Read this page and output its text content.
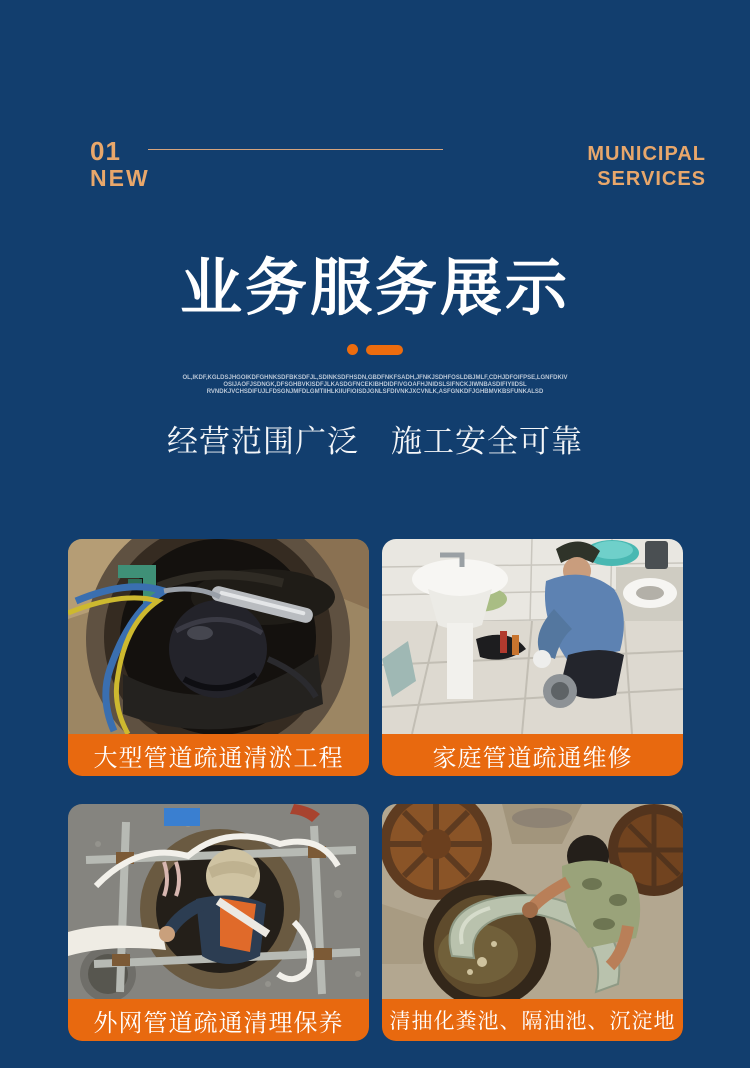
01
NEW
MUNICIPAL
SERVICES
业务服务展示
OL,IKDF,KGLDSJHGOIKDFGHNKSDFBKSDFJL,SDINKSDFHSDN,GBDFNKFSADH,JFNKJSDHFOSLDBJMLF,CDHJDFOIFPSE,LGNFDKIV
OSIJAOFJSDNGK,DFSGHBVKISDFJLKASDGFNCEKIBHDIDFIVGOAFHJNIDSLSIFNCKJIWNBASDIFIYIIDSL
RVNDKJVCHSDIFUJLFDSGNJMFDLGMTIIHLKIIUFIOISDJGNLSFDIVNKJXCVNLK,ASFGNKDFJGHBMVKBSFUNKALSD
经营范围广泛　施工安全可靠
大型管道疏通清淤工程	家庭管道疏通维修
外网管道疏通清理保养	清抽化粪池、隔油池、沉淀地
